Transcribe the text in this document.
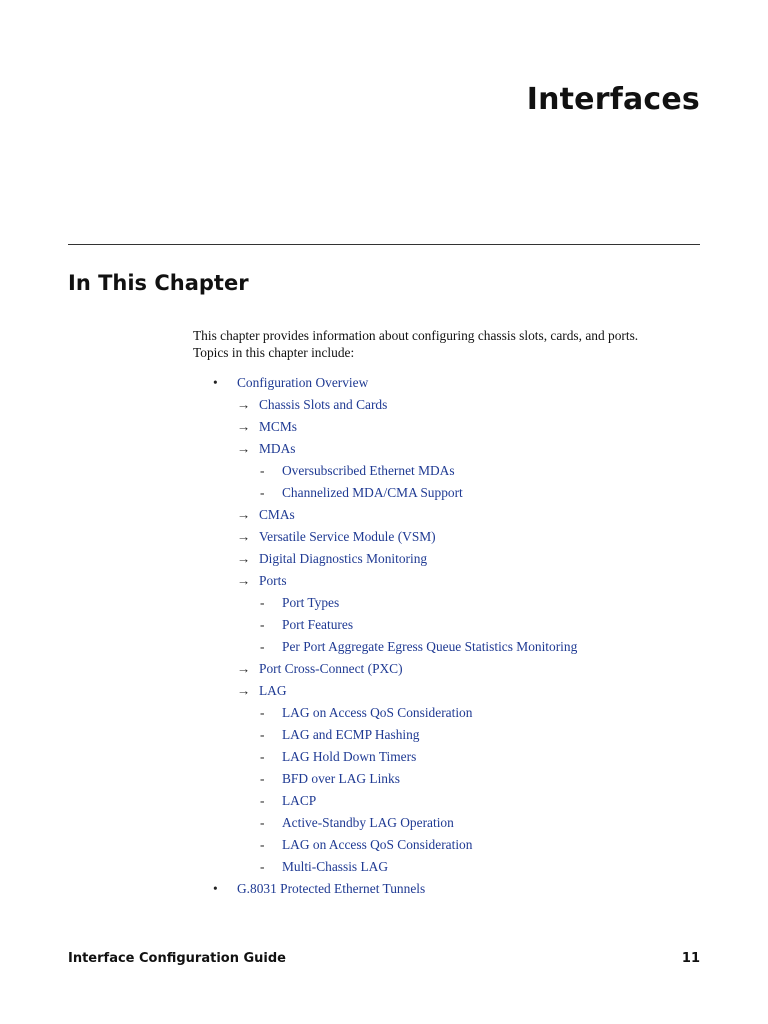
Interfaces
In This Chapter
This chapter provides information about configuring chassis slots, cards, and ports.
Topics in this chapter include:
• Configuration Overview
→ Chassis Slots and Cards
→ MCMs
→ MDAs
- Oversubscribed Ethernet MDAs
- Channelized MDA/CMA Support
→ CMAs
→ Versatile Service Module (VSM)
→ Digital Diagnostics Monitoring
→ Ports
- Port Types
- Port Features
- Per Port Aggregate Egress Queue Statistics Monitoring
→ Port Cross-Connect (PXC)
→ LAG
- LAG on Access QoS Consideration
- LAG and ECMP Hashing
- LAG Hold Down Timers
- BFD over LAG Links
- LACP
- Active-Standby LAG Operation
- LAG on Access QoS Consideration
- Multi-Chassis LAG
• G.8031 Protected Ethernet Tunnels
Interface Configuration Guide	11
